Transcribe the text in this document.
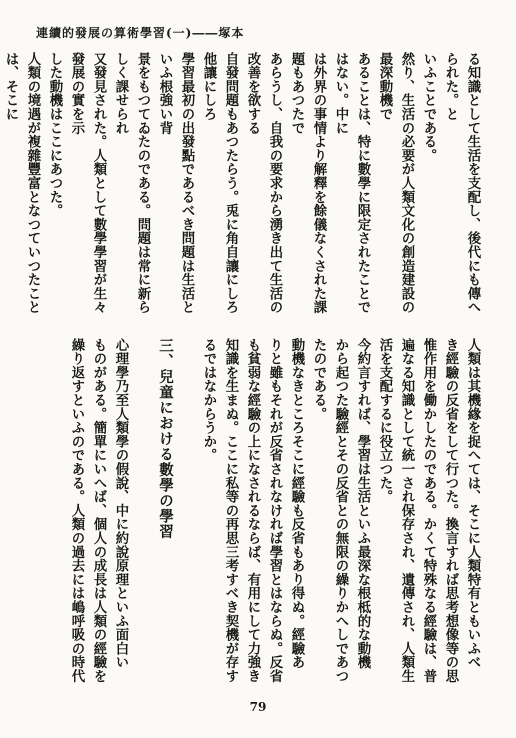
連續的發展の算術學習(一)――塚本
る知識として生活を支配し、後代にも傳へられた。と
いふことである。
然り、生活の必要が人類文化の創造建設の最深動機で
あることは、特に數學に限定されたことではない。中に
は外界の事情より解釋を餘儀なくされた課題もあつたで
あらうし、自我の要求から湧き出て生活の改善を欲する
自發問題もあつたらう。兎に角自讓にしろ他讓にしろ
學習最初の出發點であるべき問題は生活といふ根強い背
景をもつてゐたのである。問題は常に新らしく課せられ
又發見された。人類として數學學習が生々發展の實を示
した動機はここにあつた。
人類の境遇が複雜豐富となつていつたことは、そこに
人類は其機緣を捉へては、そこに人類特有ともいふべ
き經驗の反省をして行つた。換言すれば思考想像等の思
惟作用を働かしたのである。かくて特殊なる經驗は、普
遍なる知識として統一され保存され、遺傳され、人類生
活を支配するに役立つた。
今約言すれば、學習は生活といふ最深な根柢的な動機
から起つた驗經とその反省との無限の繰りかへしであつ
たのである。
動機なきところそこに經驗も反省もあり得ぬ。經驗あ
りと雖もそれが反省されなければ學習とはならぬ。反省
も貧弱な經驗の上になされるならば、有用にして力強き
知識を生まぬ。ここに私等の再思三考すべき契機が存す
るではなからうか。

三、兒童における數學の學習

心理學乃至人類學の假說、中に約說原理といふ面白い
ものがある。簡單にいへば、個人の成長は人類の經驗を
繰り返すといふのである。人類の過去には嶋呼吸の時代
79
